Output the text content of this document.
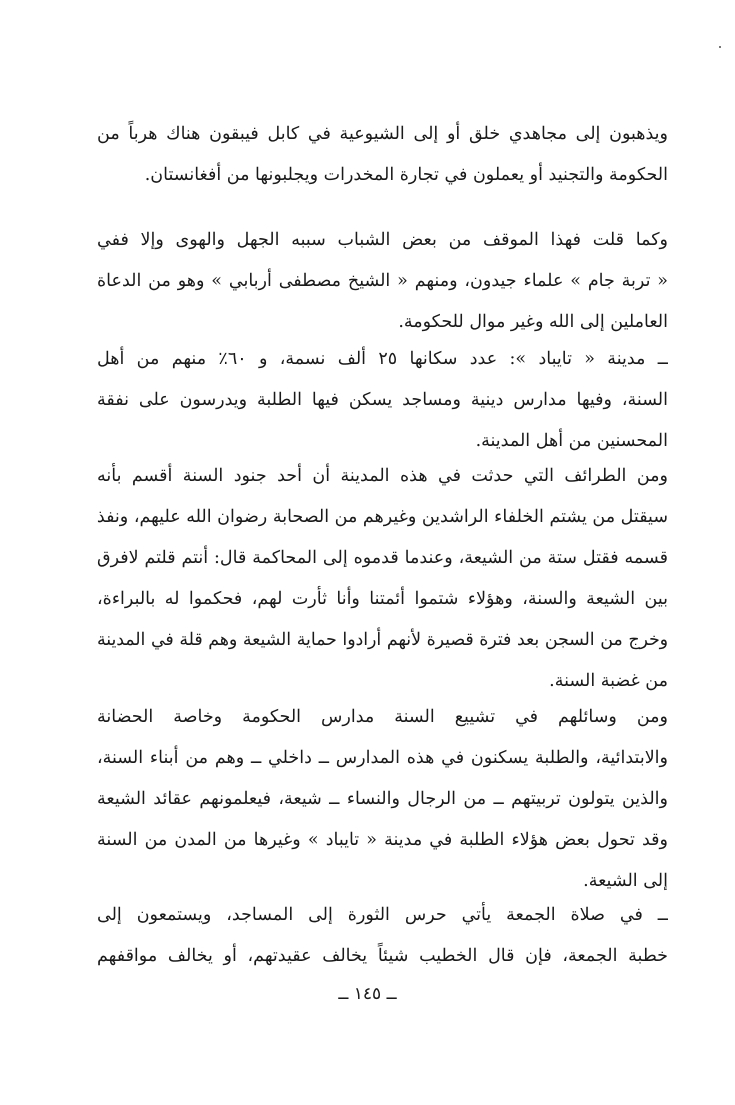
ويذهبون إلى مجاهدي خلق أو إلى الشيوعية في كابل فيبقون هناك هرباً من
الحكومة والتجنيد أو يعملون في تجارة المخدرات ويجلبونها من أفغانستان.
وكما قلت فهذا الموقف من بعض الشباب سببه الجهل والهوى وإلا ففي
« تربة جام » علماء جيدون، ومنهم « الشيخ مصطفى أربابي » وهو من الدعاة
العاملين إلى الله وغير موال للحكومة.
ــ مدينة « تايباد »: عدد سكانها ٢٥ ألف نسمة، و ٦٠٪ منهم من أهل
السنة، وفيها مدارس دينية ومساجد يسكن فيها الطلبة ويدرسون على نفقة
المحسنين من أهل المدينة.
ومن الطرائف التي حدثت في هذه المدينة أن أحد جنود السنة أقسم بأنه
سيقتل من يشتم الخلفاء الراشدين وغيرهم من الصحابة رضوان الله عليهم، ونفذ
قسمه فقتل ستة من الشيعة، وعندما قدموه إلى المحاكمة قال: أنتم قلتم لافرق
بين الشيعة والسنة، وهؤلاء شتموا أئمتنا وأنا ثأرت لهم، فحكموا له بالبراءة،
وخرج من السجن بعد فترة قصيرة لأنهم أرادوا حماية الشيعة وهم قلة في المدينة
من غضبة السنة.
ومن وسائلهم في تشييع السنة مدارس الحكومة وخاصة الحضانة
والابتدائية، والطلبة يسكنون في هذه المدارس ــ داخلي ــ وهم من أبناء السنة،
والذين يتولون تربيتهم ــ من الرجال والنساء ــ شيعة، فيعلمونهم عقائد الشيعة
وقد تحول بعض هؤلاء الطلبة في مدينة « تايباد » وغيرها من المدن من السنة
إلى الشيعة.
ــ في صلاة الجمعة يأتي حرس الثورة إلى المساجد، ويستمعون إلى
خطبة الجمعة، فإن قال الخطيب شيئاً يخالف عقيدتهم، أو يخالف مواقفهم
ــ ١٤٥ ــ
